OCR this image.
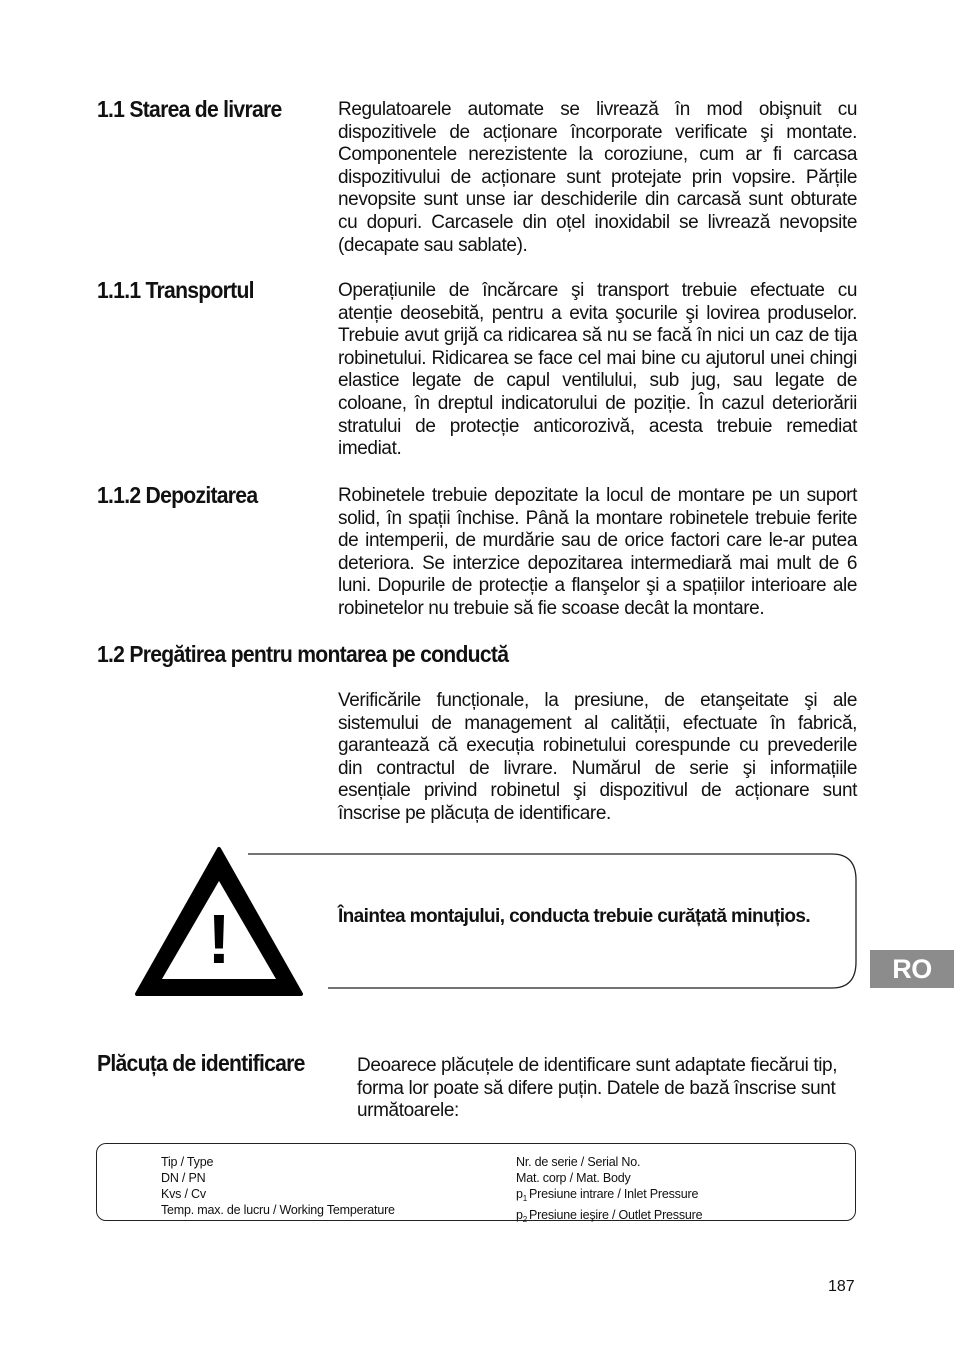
1.1 Starea de livrare	Regulatoarele automate se livrează în mod obişnuit cu dispozitivele de acționare încorporate verificate şi montate. Componentele nerezistente la coroziune, cum ar fi carcasa dispozitivului de acționare sunt protejate prin vopsire. Părțile nevopsite sunt unse iar deschiderile din carcasă sunt obturate cu dopuri. Carcasele din oțel inoxidabil se livrează nevopsite (decapate sau sablate).

1.1.1 Transportul	Operațiunile de încărcare şi transport trebuie efectuate cu atenție deosebită, pentru a evita şocurile şi lovirea produselor. Trebuie avut grijă ca ridicarea să nu se facă în nici un caz de tija robinetului. Ridicarea se face cel mai bine cu ajutorul unei chingi elastice legate de capul ventilului, sub jug, sau legate de coloane, în dreptul indicatorului de poziție. În cazul deteriorării stratului de protecție anticorozivă, acesta trebuie remediat imediat.

1.1.2 Depozitarea	Robinetele trebuie depozitate la locul de montare pe un suport solid, în spații închise. Până la montare robinetele trebuie ferite de intemperii, de murdărie sau de orice factori care le-ar putea deteriora. Se interzice depozitarea intermediară mai mult de 6 luni. Dopurile de protecție a flanşelor şi a spațiilor interioare ale robinetelor nu trebuie să fie scoase decât la montare.

1.2 Pregătirea pentru montarea pe conductă

Verificările funcționale, la presiune, de etanşeitate şi ale sistemului de management al calității, efectuate în fabrică, garantează că execuția robinetului corespunde cu prevederile din contractul de livrare. Numărul de serie şi informațiile esențiale privind robinetul şi dispozitivul de acționare sunt înscrise pe plăcuța de identificare.

!	Înaintea montajului, conducta trebuie curățată minuțios.

RO
Plăcuța de identificare	Deoarece plăcuțele de identificare sunt adaptate fiecărui tip, forma lor poate să difere puțin. Datele de bază înscrise sunt următoarele:

Tip / Type
DN / PN
Kvs / Cv
Temp. max. de lucru / Working Temperature
Nr. de serie / Serial No.
Mat. corp / Mat. Body
$p_1$ Presiune intrare / Inlet Pressure
$p_2$ Presiune ieşire / Outlet Pressure
187
